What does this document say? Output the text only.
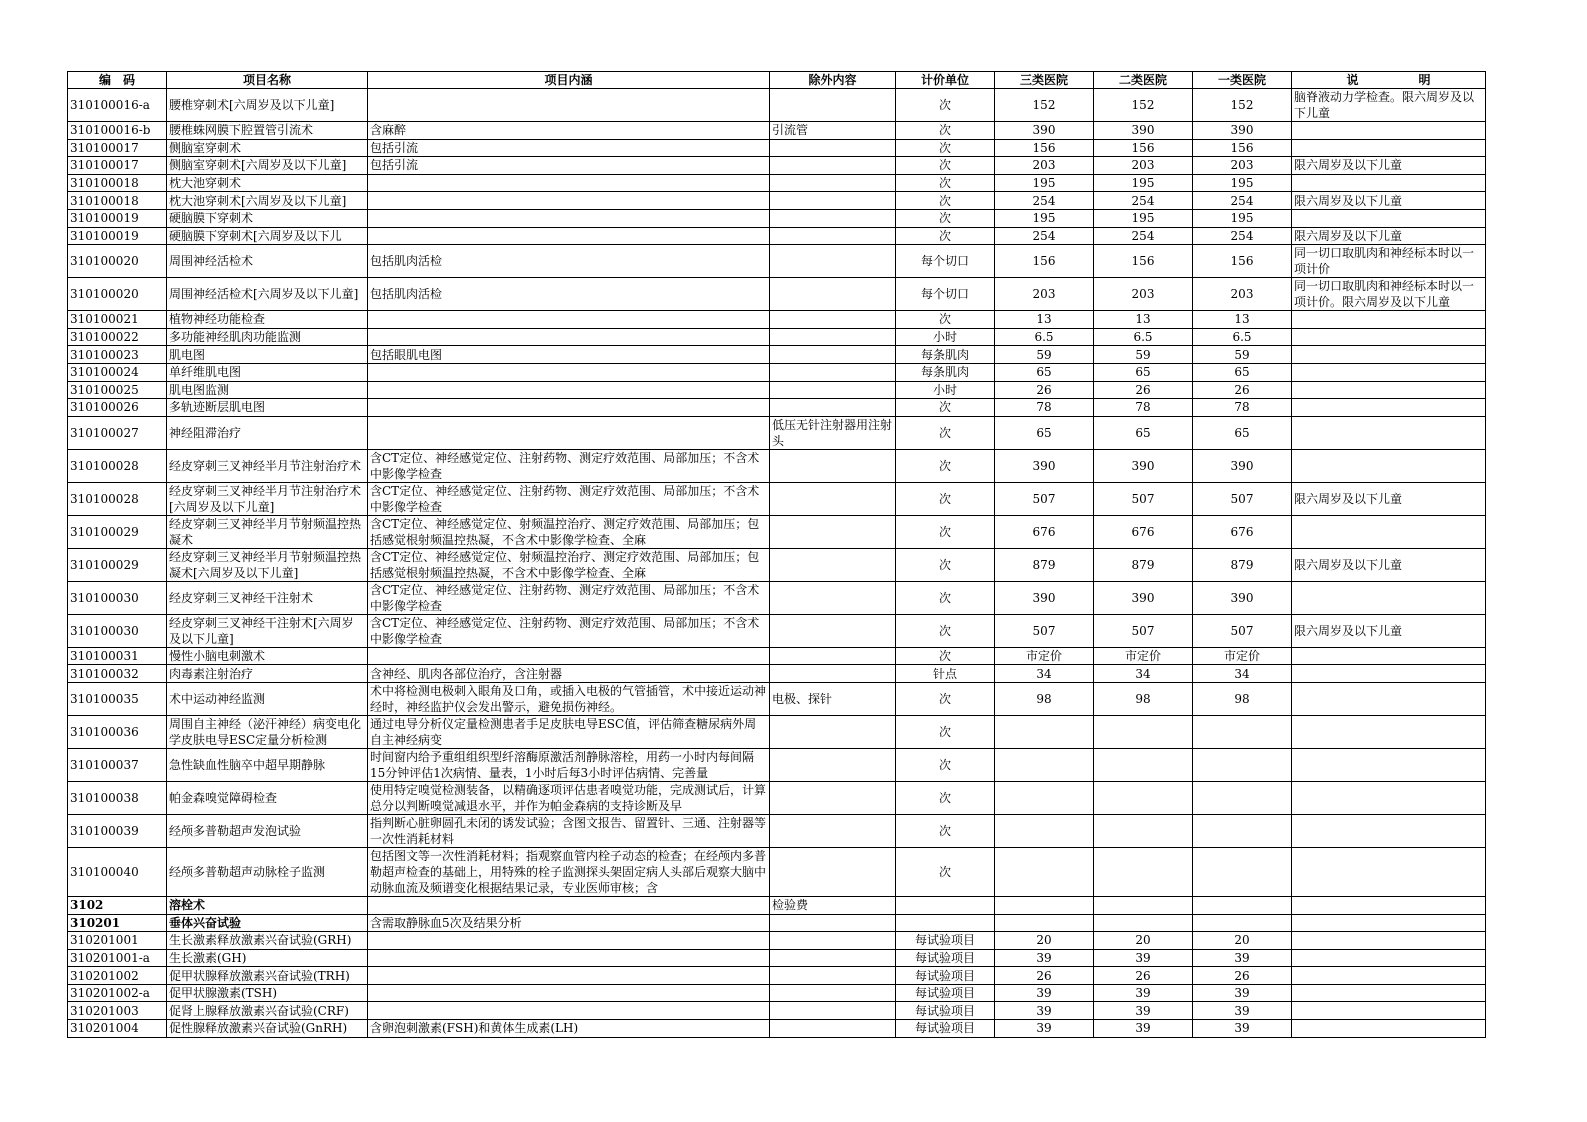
编　码	项目名称	项目内涵	除外内容	计价单位	三类医院	二类医院	一类医院	说　　　　　明

310100016-a	腰椎穿刺术[六周岁及以下儿童]			次	152	152	152	脑脊液动力学检查。限六周岁及以下儿童

310100016-b	腰椎蛛网膜下腔置管引流术	含麻醉	引流管	次	390	390	390	

310100017	侧脑室穿刺术	包括引流		次	156	156	156	

310100017	侧脑室穿刺术[六周岁及以下儿童]	包括引流		次	203	203	203	限六周岁及以下儿童

310100018	枕大池穿刺术			次	195	195	195	

310100018	枕大池穿刺术[六周岁及以下儿童]			次	254	254	254	限六周岁及以下儿童

310100019	硬脑膜下穿刺术			次	195	195	195	

310100019	硬脑膜下穿刺术[六周岁及以下儿			次	254	254	254	限六周岁及以下儿童

310100020	周围神经活检术	包括肌肉活检		每个切口	156	156	156	同一切口取肌肉和神经标本时以一项计价

310100020	周围神经活检术[六周岁及以下儿童]	包括肌肉活检		每个切口	203	203	203	同一切口取肌肉和神经标本时以一项计价。限六周岁及以下儿童

310100021	植物神经功能检查			次	13	13	13	

310100022	多功能神经肌肉功能监测			小时	6.5	6.5	6.5	

310100023	肌电图	包括眼肌电图		每条肌肉	59	59	59	

310100024	单纤维肌电图			每条肌肉	65	65	65	

310100025	肌电图监测			小时	26	26	26	

310100026	多轨迹断层肌电图			次	78	78	78	

310100027	神经阻滞治疗		低压无针注射器用注射头	次	65	65	65	

310100028	经皮穿刺三叉神经半月节注射治疗术	含CT定位、神经感觉定位、注射药物、测定疗效范围、局部加压；不含术中影像学检查		次	390	390	390	

310100028	经皮穿刺三叉神经半月节注射治疗术[六周岁及以下儿童]	含CT定位、神经感觉定位、注射药物、测定疗效范围、局部加压；不含术中影像学检查		次	507	507	507	限六周岁及以下儿童

310100029	经皮穿刺三叉神经半月节射频温控热凝术	含CT定位、神经感觉定位、射频温控治疗、测定疗效范围、局部加压；包括感觉根射频温控热凝，不含术中影像学检查、全麻		次	676	676	676	

310100029	经皮穿刺三叉神经半月节射频温控热凝术[六周岁及以下儿童]	含CT定位、神经感觉定位、射频温控治疗、测定疗效范围、局部加压；包括感觉根射频温控热凝，不含术中影像学检查、全麻		次	879	879	879	限六周岁及以下儿童

310100030	经皮穿刺三叉神经干注射术	含CT定位、神经感觉定位、注射药物、测定疗效范围、局部加压；不含术中影像学检查		次	390	390	390	

310100030	经皮穿刺三叉神经干注射术[六周岁及以下儿童]	含CT定位、神经感觉定位、注射药物、测定疗效范围、局部加压；不含术中影像学检查		次	507	507	507	限六周岁及以下儿童

310100031	慢性小脑电刺激术			次	市定价	市定价	市定价	

310100032	肉毒素注射治疗	含神经、肌肉各部位治疗，含注射器		针点	34	34	34	

310100035	术中运动神经监测	术中将检测电极刺入眼角及口角，或插入电极的气管插管，术中接近运动神经时，神经监护仪会发出警示，避免损伤神经。	电极、探针	次	98	98	98	

310100036	周围自主神经（泌汗神经）病变电化学皮肤电导ESC定量分析检测	通过电导分析仪定量检测患者手足皮肤电导ESC值，评估筛查糖尿病外周自主神经病变		次				

310100037	急性缺血性脑卒中超早期静脉	时间窗内给予重组组织型纤溶酶原激活剂静脉溶栓，用药一小时内每间隔15分钟评估1次病情、量表，1小时后每3小时评估病情、完善量		次				

310100038	帕金森嗅觉障碍检查	使用特定嗅觉检测装备，以精确逐项评估患者嗅觉功能，完成测试后，计算总分以判断嗅觉减退水平，并作为帕金森病的支持诊断及早		次				

310100039	经颅多普勒超声发泡试验	指判断心脏卵圆孔未闭的诱发试验；含图文报告、留置针、三通、注射器等一次性消耗材料		次				

310100040	经颅多普勒超声动脉栓子监测	包括图文等一次性消耗材料；指观察血管内栓子动态的检查；在经颅内多普勒超声检查的基础上，用特殊的栓子监测探头架固定病人头部后观察大脑中动脉血流及频谱变化根据结果记录，专业医师审核；含		次				

3102	溶栓术		检验费					

310201	垂体兴奋试验	含需取静脉血5次及结果分析						

310201001	生长激素释放激素兴奋试验(GRH)			每试验项目	20	20	20	

310201001-a	生长激素(GH)			每试验项目	39	39	39	

310201002	促甲状腺释放激素兴奋试验(TRH)			每试验项目	26	26	26	

310201002-a	促甲状腺激素(TSH)			每试验项目	39	39	39	

310201003	促肾上腺释放激素兴奋试验(CRF)			每试验项目	39	39	39	

310201004	促性腺释放激素兴奋试验(GnRH)	含卵泡刺激素(FSH)和黄体生成素(LH)		每试验项目	39	39	39	
